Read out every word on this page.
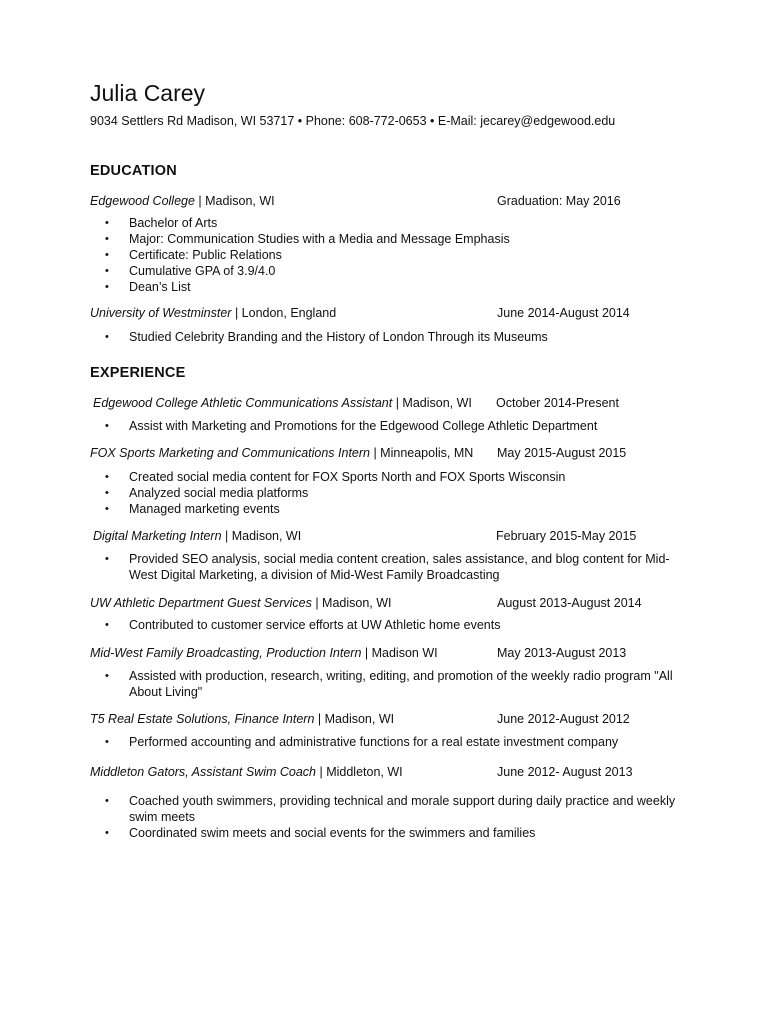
Julia Carey
9034 Settlers Rd Madison, WI 53717 • Phone: 608-772-0653 • E-Mail: jecarey@edgewood.edu
EDUCATION
Edgewood College | Madison, WI	Graduation: May 2016
• Bachelor of Arts
• Major: Communication Studies with a Media and Message Emphasis
• Certificate: Public Relations
• Cumulative GPA of 3.9/4.0
• Dean’s List
University of Westminster | London, England	June 2014-August 2014
• Studied Celebrity Branding and the History of London Through its Museums
EXPERIENCE
Edgewood College Athletic Communications Assistant | Madison, WI October 2014-Present
• Assist with Marketing and Promotions for the Edgewood College Athletic Department
FOX Sports Marketing and Communications Intern | Minneapolis, MN May 2015-August 2015
• Created social media content for FOX Sports North and FOX Sports Wisconsin
• Analyzed social media platforms
• Managed marketing events
Digital Marketing Intern | Madison, WI	February 2015-May 2015
• Provided SEO analysis, social media content creation, sales assistance, and blog content for Mid-West Digital Marketing, a division of Mid-West Family Broadcasting
UW Athletic Department Guest Services | Madison, WI	August 2013-August 2014
• Contributed to customer service efforts at UW Athletic home events
Mid-West Family Broadcasting, Production Intern | Madison WI	May 2013-August 2013
• Assisted with production, research, writing, editing, and promotion of the weekly radio program "All About Living"
T5 Real Estate Solutions, Finance Intern | Madison, WI	June 2012-August 2012
• Performed accounting and administrative functions for a real estate investment company
Middleton Gators, Assistant Swim Coach | Middleton, WI	June 2012- August 2013
• Coached youth swimmers, providing technical and morale support during daily practice and weekly swim meets
• Coordinated swim meets and social events for the swimmers and families
